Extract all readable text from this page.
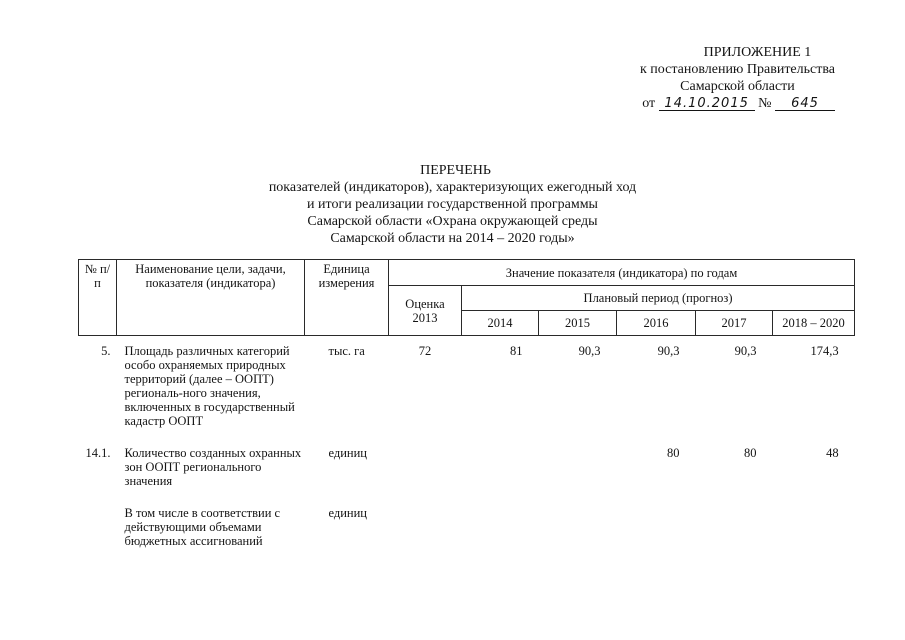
ПРИЛОЖЕНИЕ 1
к постановлению Правительства
Самарской области
от 14.10.2015 № 645
ПЕРЕЧЕНЬ
показателей (индикаторов), характеризующих ежегодный ход
и итоги реализации государственной программы
Самарской области «Охрана окружающей среды
Самарской области на 2014 – 2020 годы»
№ п/п	Наименование цели, задачи, показателя (индикатора)	Единица измерения	Значение показателя (индикатора) по годам					
			Оценка 2013	Плановый период (прогноз)				
				2014	2015	2016	2017	2018 – 2020

5.	Площадь различных категорий особо охраняемых природных территорий (далее – ООПТ) региональ-ного значения, включенных в государственный кадастр ООПТ	тыс. га	72	81	90,3	90,3	90,3	174,3

14.1.	Количество созданных охранных зон ООПТ регионального значения	единиц				80	80	48

	В том числе в соответствии с действующими объемами бюджетных ассигнований	единиц						
